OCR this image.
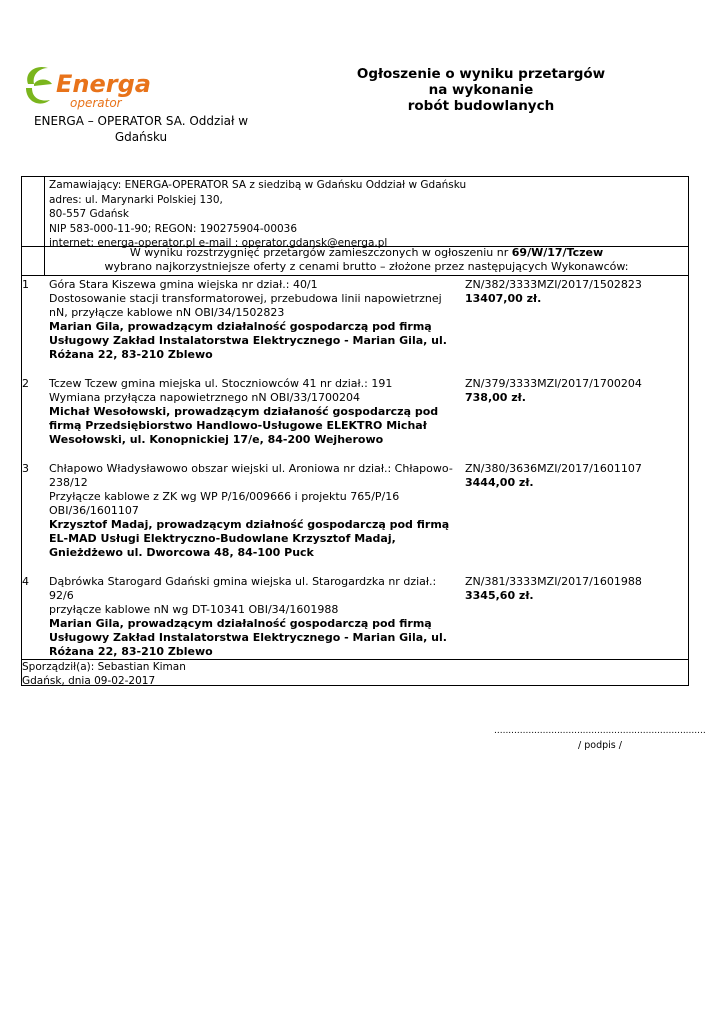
Energa
operator
ENERGA – OPERATOR SA. Oddział w Gdańsku
Ogłoszenie o wyniku przetargów
na wykonanie
robót budowlanych
Zamawiający: ENERGA-OPERATOR SA z siedzibą w Gdańsku Oddział w Gdańsku
adres: ul. Marynarki Polskiej 130,
80-557 Gdańsk
NIP 583-000-11-90; REGON: 190275904-00036
internet: energa-operator.pl e-mail : operator.gdansk@energa.pl
W wyniku rozstrzygnięć przetargów zamieszczonych w ogłoszeniu nr 69/W/17/Tczew
wybrano najkorzystniejsze oferty z cenami brutto – złożone przez następujących Wykonawców:
1 Góra Stara Kiszewa gmina wiejska nr dział.: 40/1
Dostosowanie stacji transformatorowej, przebudowa linii napowietrznej nN, przyłącze kablowe nN OBI/34/1502823
Marian Gila, prowadzącym działalność gospodarczą pod firmą Usługowy Zakład Instalatorstwa Elektrycznego - Marian Gila, ul. Różana 22, 83-210 Zblewo
ZN/382/3333MZI/2017/1502823
13407,00 zł.
2 Tczew Tczew gmina miejska ul. Stoczniowców 41 nr dział.: 191
Wymiana przyłącza napowietrznego nN OBI/33/1700204
Michał Wesołowski, prowadzącym działaność gospodarczą pod firmą Przedsiębiorstwo Handlowo-Usługowe ELEKTRO Michał Wesołowski, ul. Konopnickiej 17/e, 84-200 Wejherowo
ZN/379/3333MZI/2017/1700204
738,00 zł.
3 Chłapowo Władysławowo obszar wiejski ul. Aroniowa nr dział.: Chłapowo-238/12
Przyłącze kablowe z ZK wg WP P/16/009666 i projektu 765/P/16 OBI/36/1601107
Krzysztof Madaj, prowadzącym działność gospodarczą pod firmą EL-MAD Usługi Elektryczno-Budowlane Krzysztof Madaj, Gnieżdżewo ul. Dworcowa 48, 84-100 Puck
ZN/380/3636MZI/2017/1601107
3444,00 zł.
4 Dąbrówka Starogard Gdański gmina wiejska ul. Starogardzka nr dział.: 92/6
przyłącze kablowe nN wg DT-10341 OBI/34/1601988
Marian Gila, prowadzącym działalność gospodarczą pod firmą Usługowy Zakład Instalatorstwa Elektrycznego - Marian Gila, ul. Różana 22, 83-210 Zblewo
ZN/381/3333MZI/2017/1601988
3345,60 zł.
Sporządził(a): Sebastian Kiman
Gdańsk, dnia 09-02-2017
..........................................................................
/ podpis /
